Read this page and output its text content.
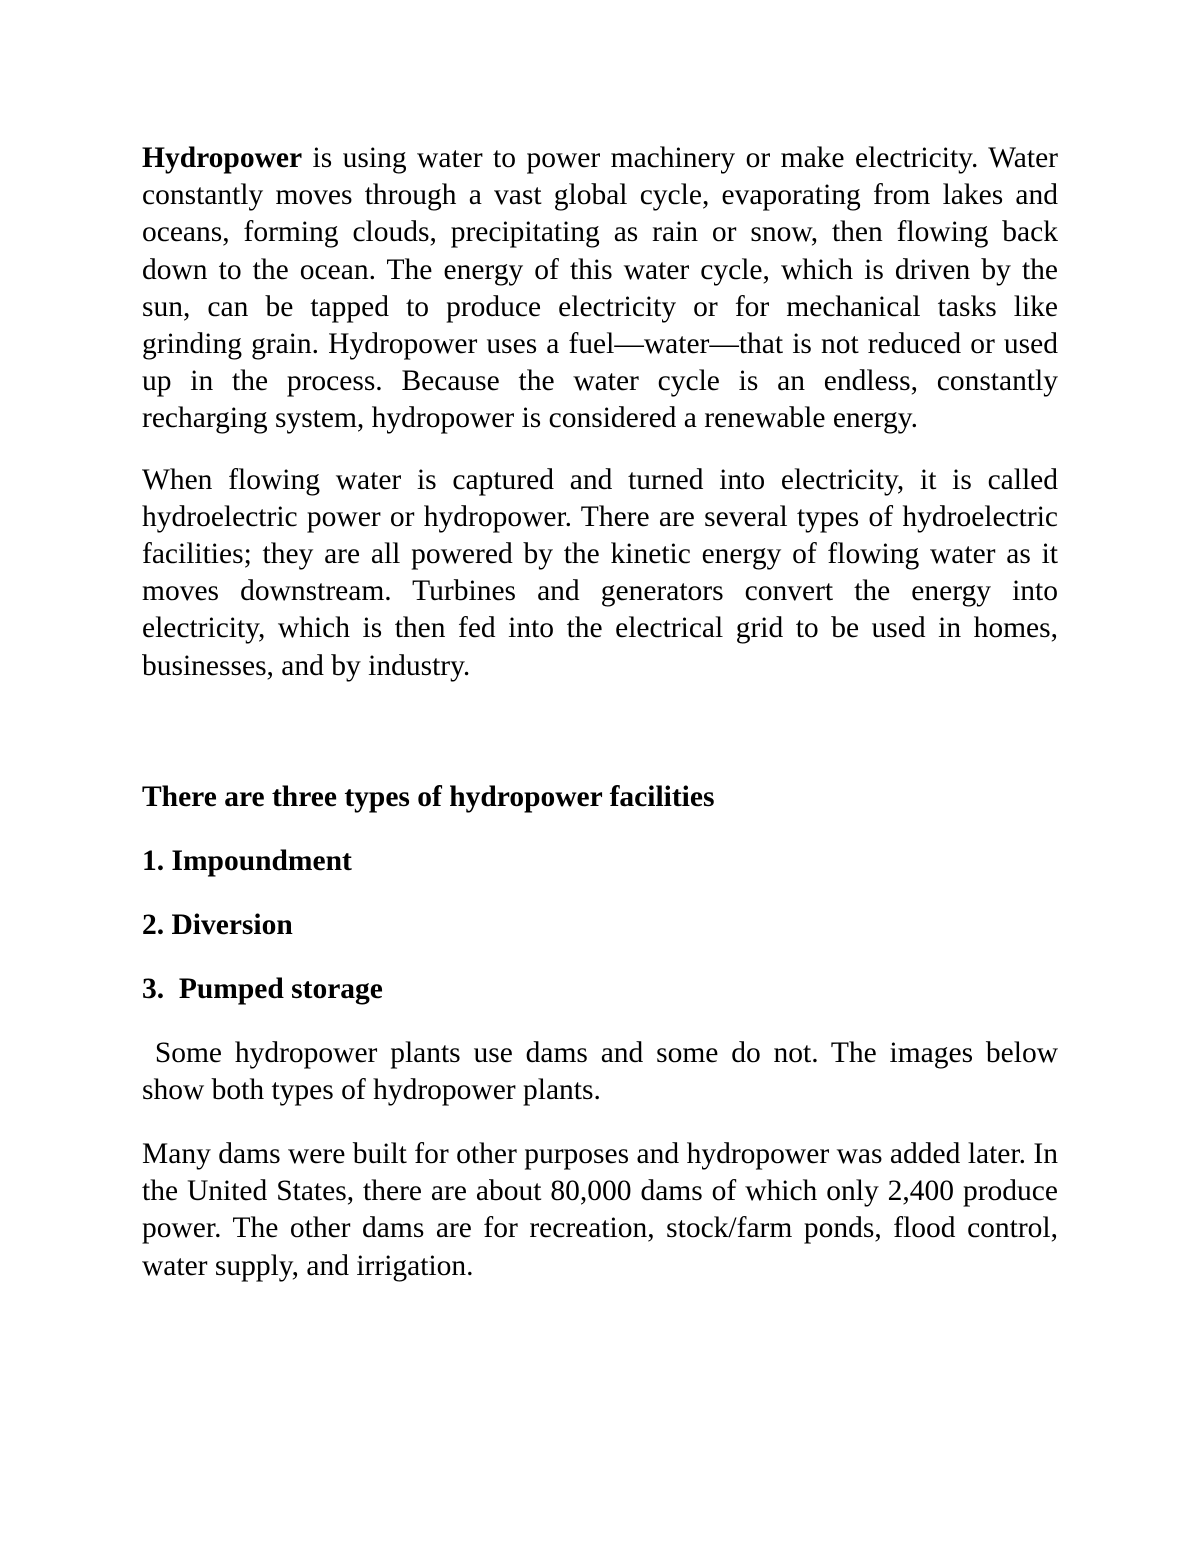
Hydropower is using water to power machinery or make electricity. Water constantly moves through a vast global cycle, evaporating from lakes and oceans, forming clouds, precipitating as rain or snow, then flowing back down to the ocean. The energy of this water cycle, which is driven by the sun, can be tapped to produce electricity or for mechanical tasks like grinding grain. Hydropower uses a fuel—water—that is not reduced or used up in the process. Because the water cycle is an endless, constantly recharging system, hydropower is considered a renewable energy.

When flowing water is captured and turned into electricity, it is called hydroelectric power or hydropower. There are several types of hydroelectric facilities; they are all powered by the kinetic energy of flowing water as it moves downstream. Turbines and generators convert the energy into electricity, which is then fed into the electrical grid to be used in homes, businesses, and by industry.

There are three types of hydropower facilities

1. Impoundment

2. Diversion

3.  Pumped storage

Some hydropower plants use dams and some do not. The images below show both types of hydropower plants.

Many dams were built for other purposes and hydropower was added later. In the United States, there are about 80,000 dams of which only 2,400 produce power. The other dams are for recreation, stock/farm ponds, flood control, water supply, and irrigation.
